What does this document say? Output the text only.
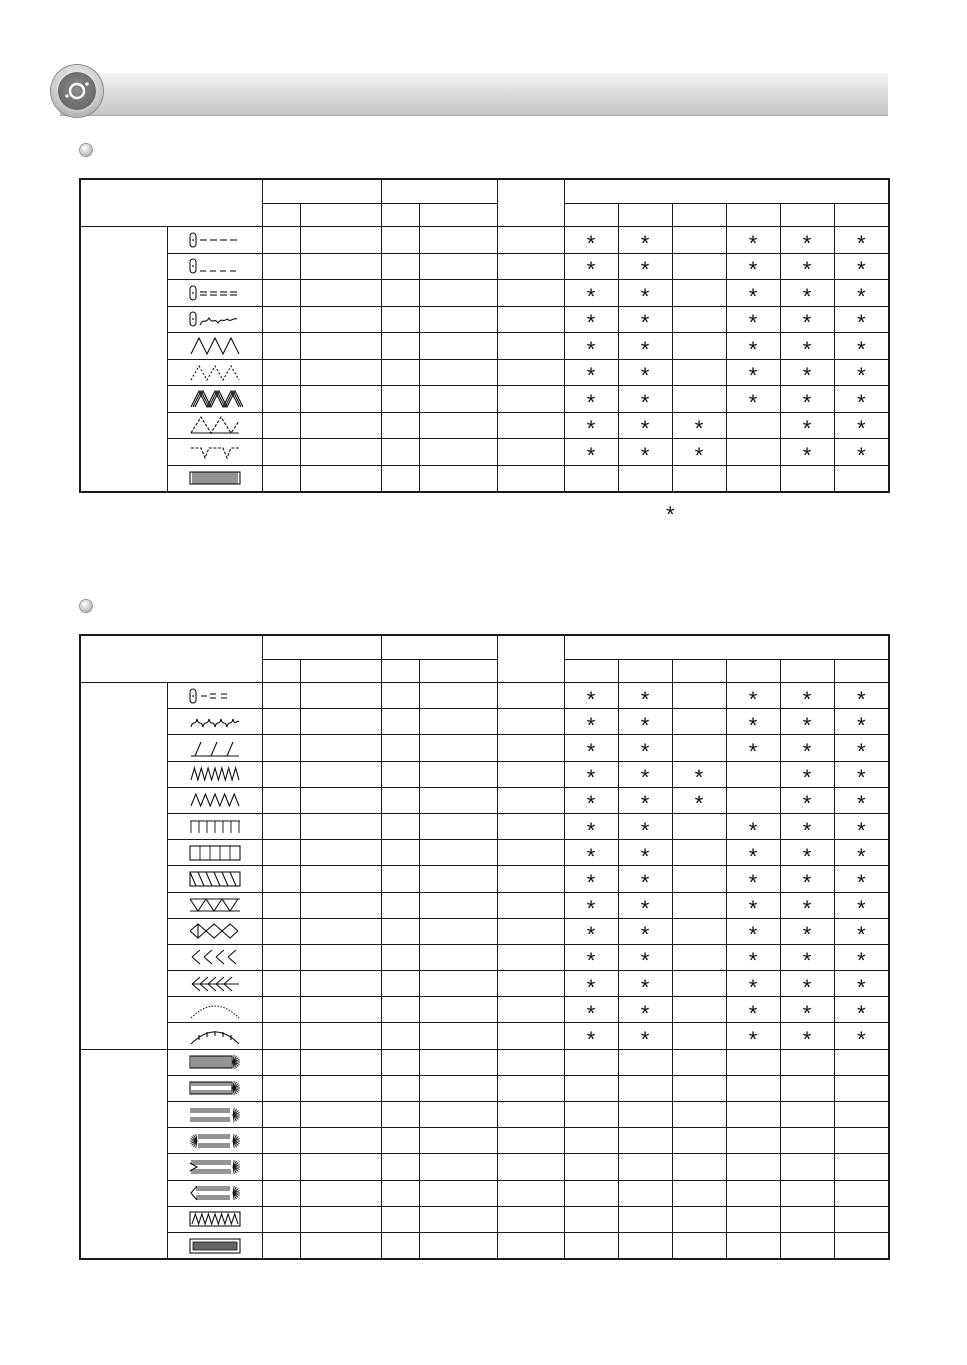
						*	*		*	*	*

						*	*		*	*	*

						*	*		*	*	*

						*	*		*	*	*

						*	*		*	*	*

						*	*		*	*	*

						*	*		*	*	*

						*	*	*		*	*

						*	*	*		*	*

*

						*	*		*	*	*

						*	*		*	*	*

						*	*		*	*	*

						*	*	*		*	*

						*	*	*		*	*

						*	*		*	*	*

						*	*		*	*	*

						*	*		*	*	*

						*	*		*	*	*

						*	*		*	*	*

						*	*		*	*	*

						*	*		*	*	*

						*	*		*	*	*

						*	*		*	*	*
